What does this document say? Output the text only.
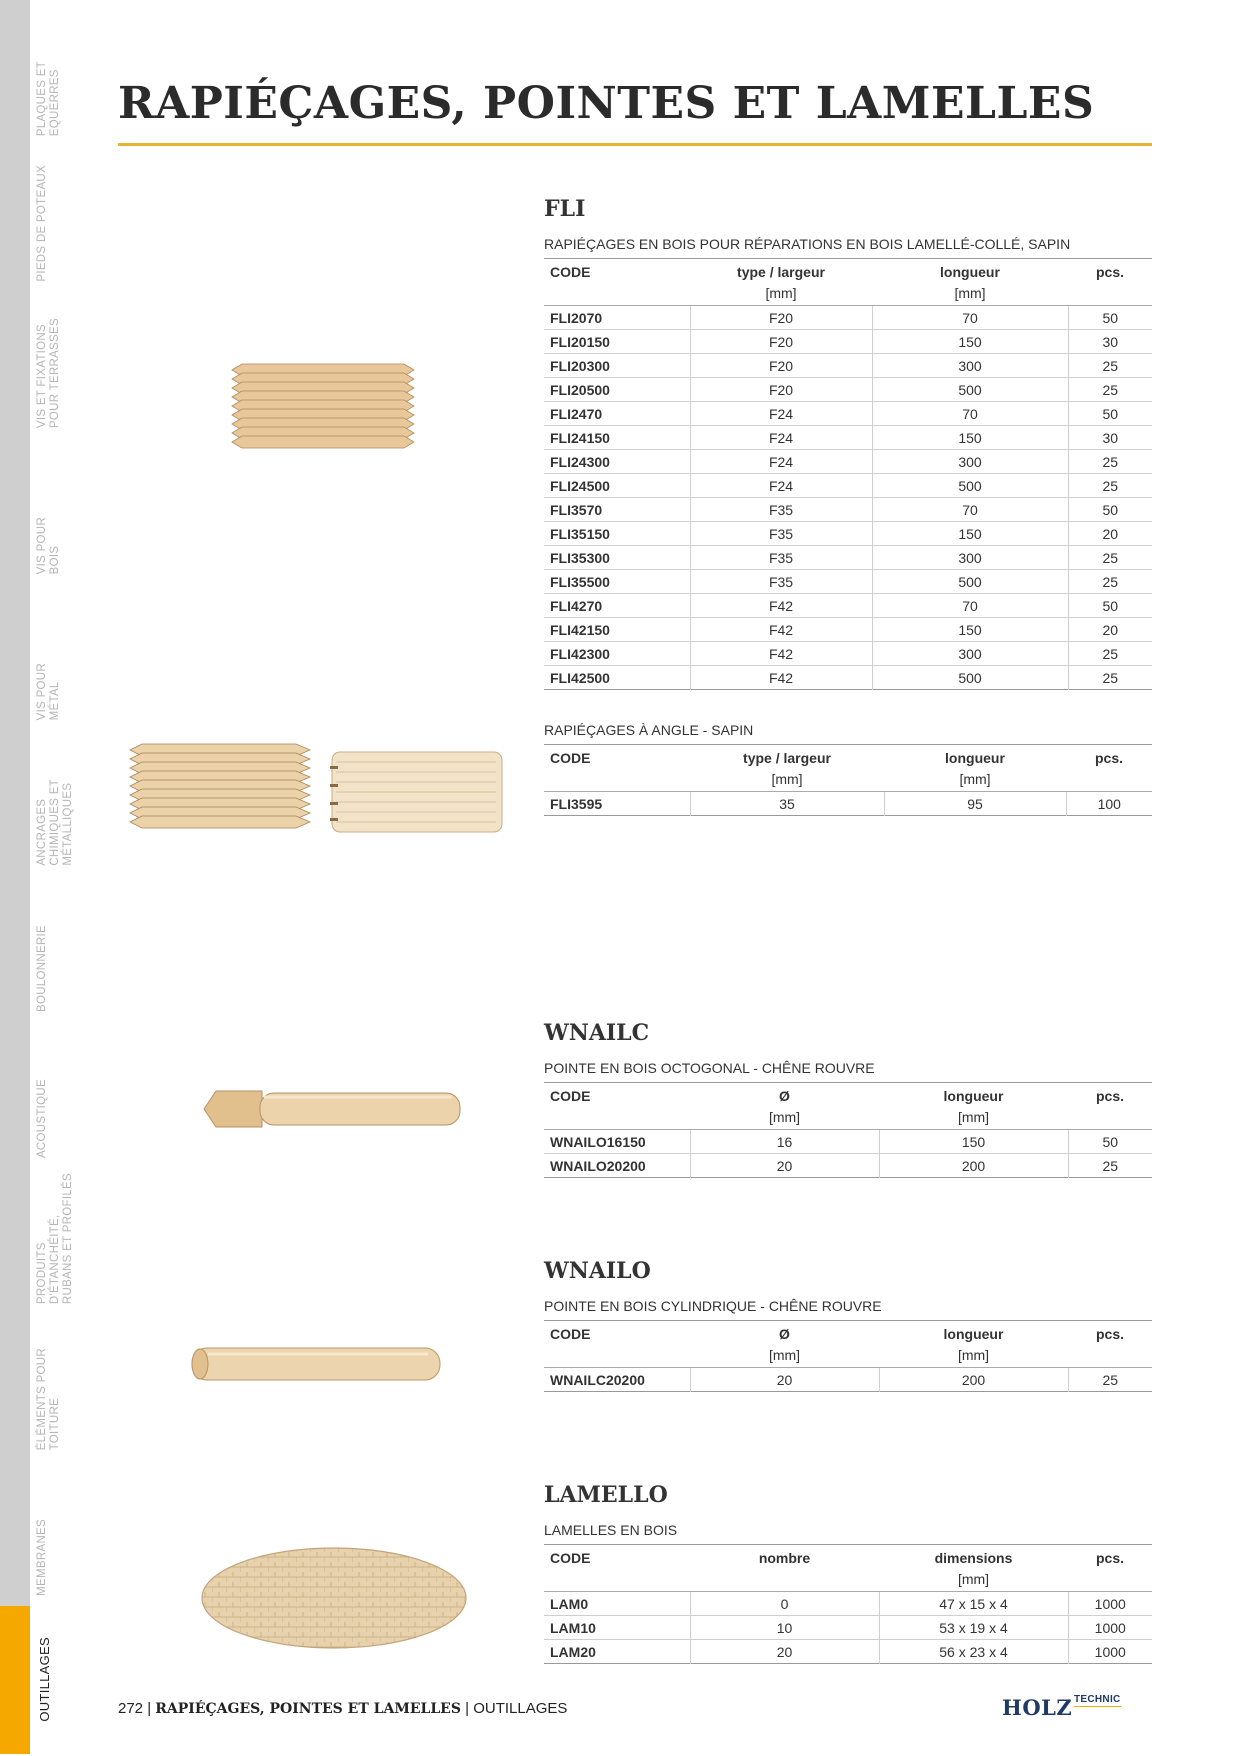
PLAQUES ET
EQUERRES
PIEDS DE POTEAUX
VIS ET FIXATIONS
POUR TERRASSES
VIS POUR
BOIS
VIS POUR
MÉTAL
ANCRAGES
CHIMIQUES ET
MÉTALLIQUES
BOULONNERIE
ACOUSTIQUE
PRODUITS
D'ÉTANCHÉITÉ,
RUBANS ET PROFILÉS
ÉLÉMENTS POUR
TOITURE
MEMBRANES
OUTILLAGES
RAPIÉÇAGES, POINTES ET LAMELLES
FLI
RAPIÉÇAGES EN BOIS POUR RÉPARATIONS EN BOIS LAMELLÉ-COLLÉ, SAPIN
CODE	type / largeur	longueur	pcs.
	[mm]	[mm]	
FLI2070	F20	70	50
FLI20150	F20	150	30
FLI20300	F20	300	25
FLI20500	F20	500	25
FLI2470	F24	70	50
FLI24150	F24	150	30
FLI24300	F24	300	25
FLI24500	F24	500	25
FLI3570	F35	70	50
FLI35150	F35	150	20
FLI35300	F35	300	25
FLI35500	F35	500	25
FLI4270	F42	70	50
FLI42150	F42	150	20
FLI42300	F42	300	25
FLI42500	F42	500	25
RAPIÉÇAGES À ANGLE - SAPIN
CODE	type / largeur	longueur	pcs.
	[mm]	[mm]	
FLI3595	35	95	100
WNAILC
POINTE EN BOIS OCTOGONAL - CHÊNE ROUVRE
CODE	Ø	longueur	pcs.
	[mm]	[mm]	
WNAILO16150	16	150	50
WNAILO20200	20	200	25
WNAILO
POINTE EN BOIS CYLINDRIQUE - CHÊNE ROUVRE
CODE	Ø	longueur	pcs.
	[mm]	[mm]	
WNAILC20200	20	200	25
LAMELLO
LAMELLES EN BOIS
CODE	nombre	dimensions	pcs.
		[mm]	
LAM0	0	47 x 15 x 4	1000
LAM10	10	53 x 19 x 4	1000
LAM20	20	56 x 23 x 4	1000
272 | RAPIÉÇAGES, POINTES ET LAMELLES | OUTILLAGES	HOLZ TECHNIC
